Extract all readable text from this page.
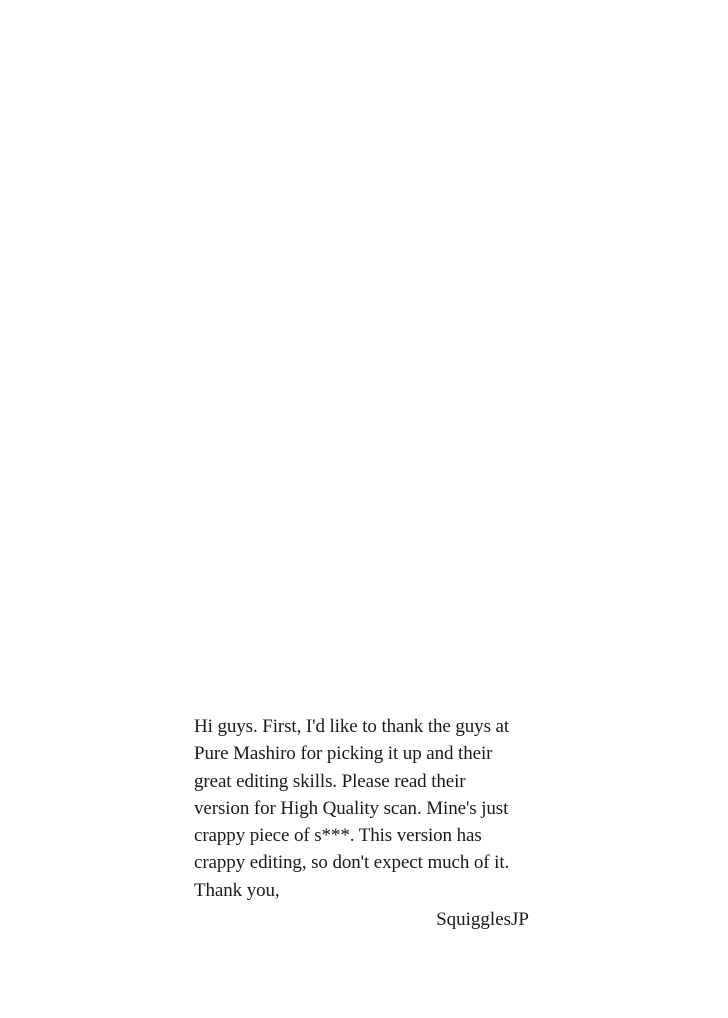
Hi guys. First, I'd like to thank the guys at
Pure Mashiro for picking it up and their
great editing skills. Please read their
version for High Quality scan. Mine's just
crappy piece of s***. This version has
crappy editing, so don't expect much of it.
Thank you,
SquigglesJP
